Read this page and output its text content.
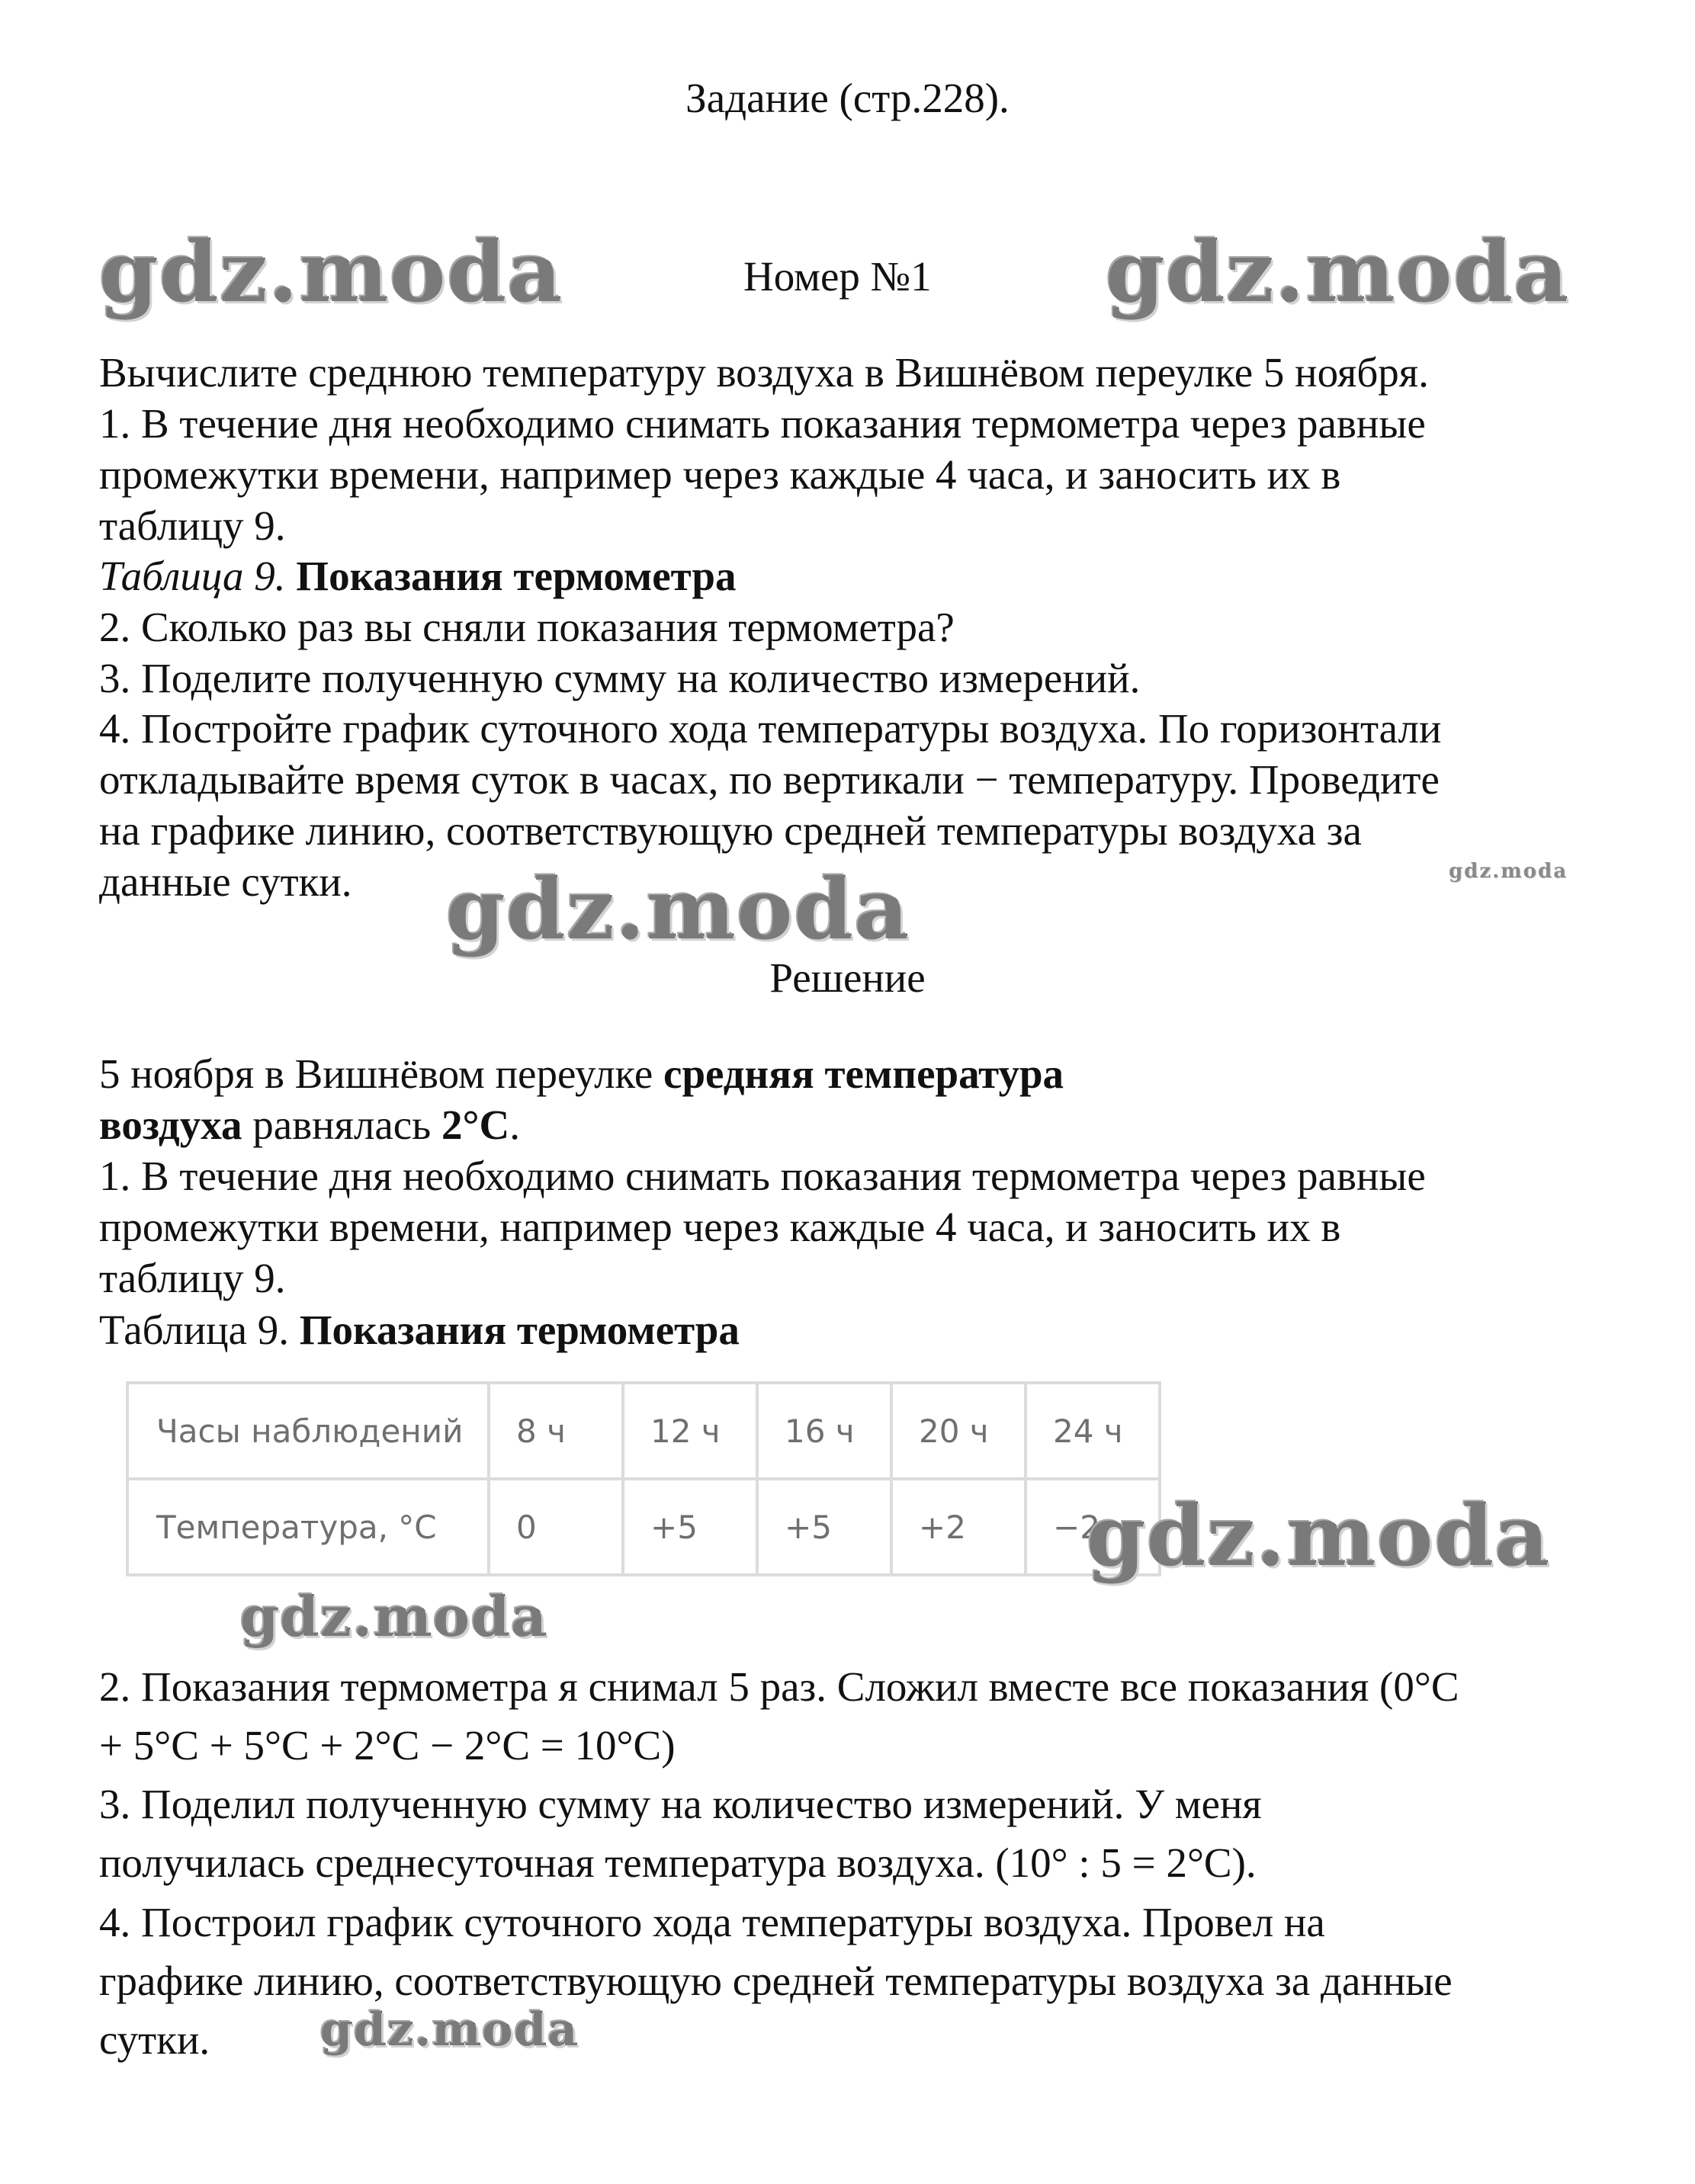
Задание (стр.228).
gdz.moda	Номер №1 gdz.moda
Вычислите среднюю температуру воздуха в Вишнёвом переулке 5 ноября.
1. В течение дня необходимо снимать показания термометра через равные
промежутки времени, например через каждые 4 часа, и заносить их в
таблицу 9.
Таблица 9. Показания термометра
2. Сколько раз вы сняли показания термометра?
3. Поделите полученную сумму на количество измерений.
4. Постройте график суточного хода температуры воздуха. По горизонтали
откладывайте время суток в часах, по вертикали − температуру. Проведите
на графике линию, соответствующую средней температуры воздуха за
данные сутки.	gdz.moda
gdz.moda
Решение
5 ноября в Вишнёвом переулке средняя температура
воздуха равнялась 2°C.
1. В течение дня необходимо снимать показания термометра через равные
промежутки времени, например через каждые 4 часа, и заносить их в
таблицу 9.
Таблица 9. Показания термометра
Часы наблюдений	8 ч	12 ч	16 ч	20 ч	24 ч
Температура, °C	0	+5	+5	+2	−2
gdz.moda
gdz.moda
2. Показания термометра я снимал 5 раз. Сложил вместе все показания (0°C
+ 5°C + 5°C + 2°C − 2°C = 10°C)
3. Поделил полученную сумму на количество измерений. У меня
получилась среднесуточная температура воздуха. (10° : 5 = 2°C).
4. Построил график суточного хода температуры воздуха. Провел на
графике линию, соответствующую средней температуры воздуха за данные
сутки. gdz.moda
